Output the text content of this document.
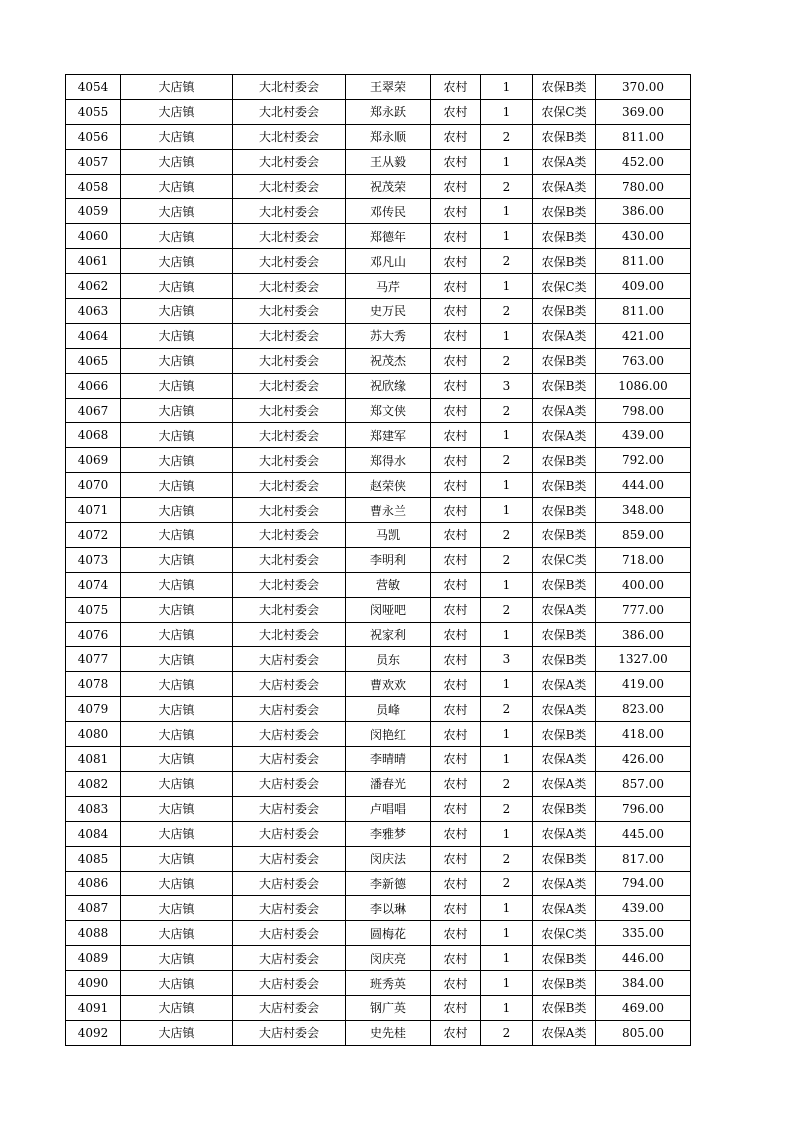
4054	大店镇	大北村委会	王翠荣	农村	1	农保B类	370.00
4055	大店镇	大北村委会	郑永跃	农村	1	农保C类	369.00
4056	大店镇	大北村委会	郑永顺	农村	2	农保B类	811.00
4057	大店镇	大北村委会	王从毅	农村	1	农保A类	452.00
4058	大店镇	大北村委会	祝茂荣	农村	2	农保A类	780.00
4059	大店镇	大北村委会	邓传民	农村	1	农保B类	386.00
4060	大店镇	大北村委会	郑德年	农村	1	农保B类	430.00
4061	大店镇	大北村委会	邓凡山	农村	2	农保B类	811.00
4062	大店镇	大北村委会	马芹	农村	1	农保C类	409.00
4063	大店镇	大北村委会	史万民	农村	2	农保B类	811.00
4064	大店镇	大北村委会	苏大秀	农村	1	农保A类	421.00
4065	大店镇	大北村委会	祝茂杰	农村	2	农保B类	763.00
4066	大店镇	大北村委会	祝欣缘	农村	3	农保B类	1086.00
4067	大店镇	大北村委会	郑文侠	农村	2	农保A类	798.00
4068	大店镇	大北村委会	郑建军	农村	1	农保A类	439.00
4069	大店镇	大北村委会	郑得水	农村	2	农保B类	792.00
4070	大店镇	大北村委会	赵荣侠	农村	1	农保B类	444.00
4071	大店镇	大北村委会	曹永兰	农村	1	农保B类	348.00
4072	大店镇	大北村委会	马凯	农村	2	农保B类	859.00
4073	大店镇	大北村委会	李明利	农村	2	农保C类	718.00
4074	大店镇	大北村委会	营敏	农村	1	农保B类	400.00
4075	大店镇	大北村委会	闵哑吧	农村	2	农保A类	777.00
4076	大店镇	大北村委会	祝家利	农村	1	农保B类	386.00
4077	大店镇	大店村委会	员东	农村	3	农保B类	1327.00
4078	大店镇	大店村委会	曹欢欢	农村	1	农保A类	419.00
4079	大店镇	大店村委会	员峰	农村	2	农保A类	823.00
4080	大店镇	大店村委会	闵艳红	农村	1	农保B类	418.00
4081	大店镇	大店村委会	李晴晴	农村	1	农保A类	426.00
4082	大店镇	大店村委会	潘春光	农村	2	农保A类	857.00
4083	大店镇	大店村委会	卢唱唱	农村	2	农保B类	796.00
4084	大店镇	大店村委会	李雅梦	农村	1	农保A类	445.00
4085	大店镇	大店村委会	闵庆法	农村	2	农保B类	817.00
4086	大店镇	大店村委会	李新德	农村	2	农保A类	794.00
4087	大店镇	大店村委会	李以琳	农村	1	农保A类	439.00
4088	大店镇	大店村委会	圆梅花	农村	1	农保C类	335.00
4089	大店镇	大店村委会	闵庆亮	农村	1	农保B类	446.00
4090	大店镇	大店村委会	班秀英	农村	1	农保B类	384.00
4091	大店镇	大店村委会	钢广英	农村	1	农保B类	469.00
4092	大店镇	大店村委会	史先桂	农村	2	农保A类	805.00
